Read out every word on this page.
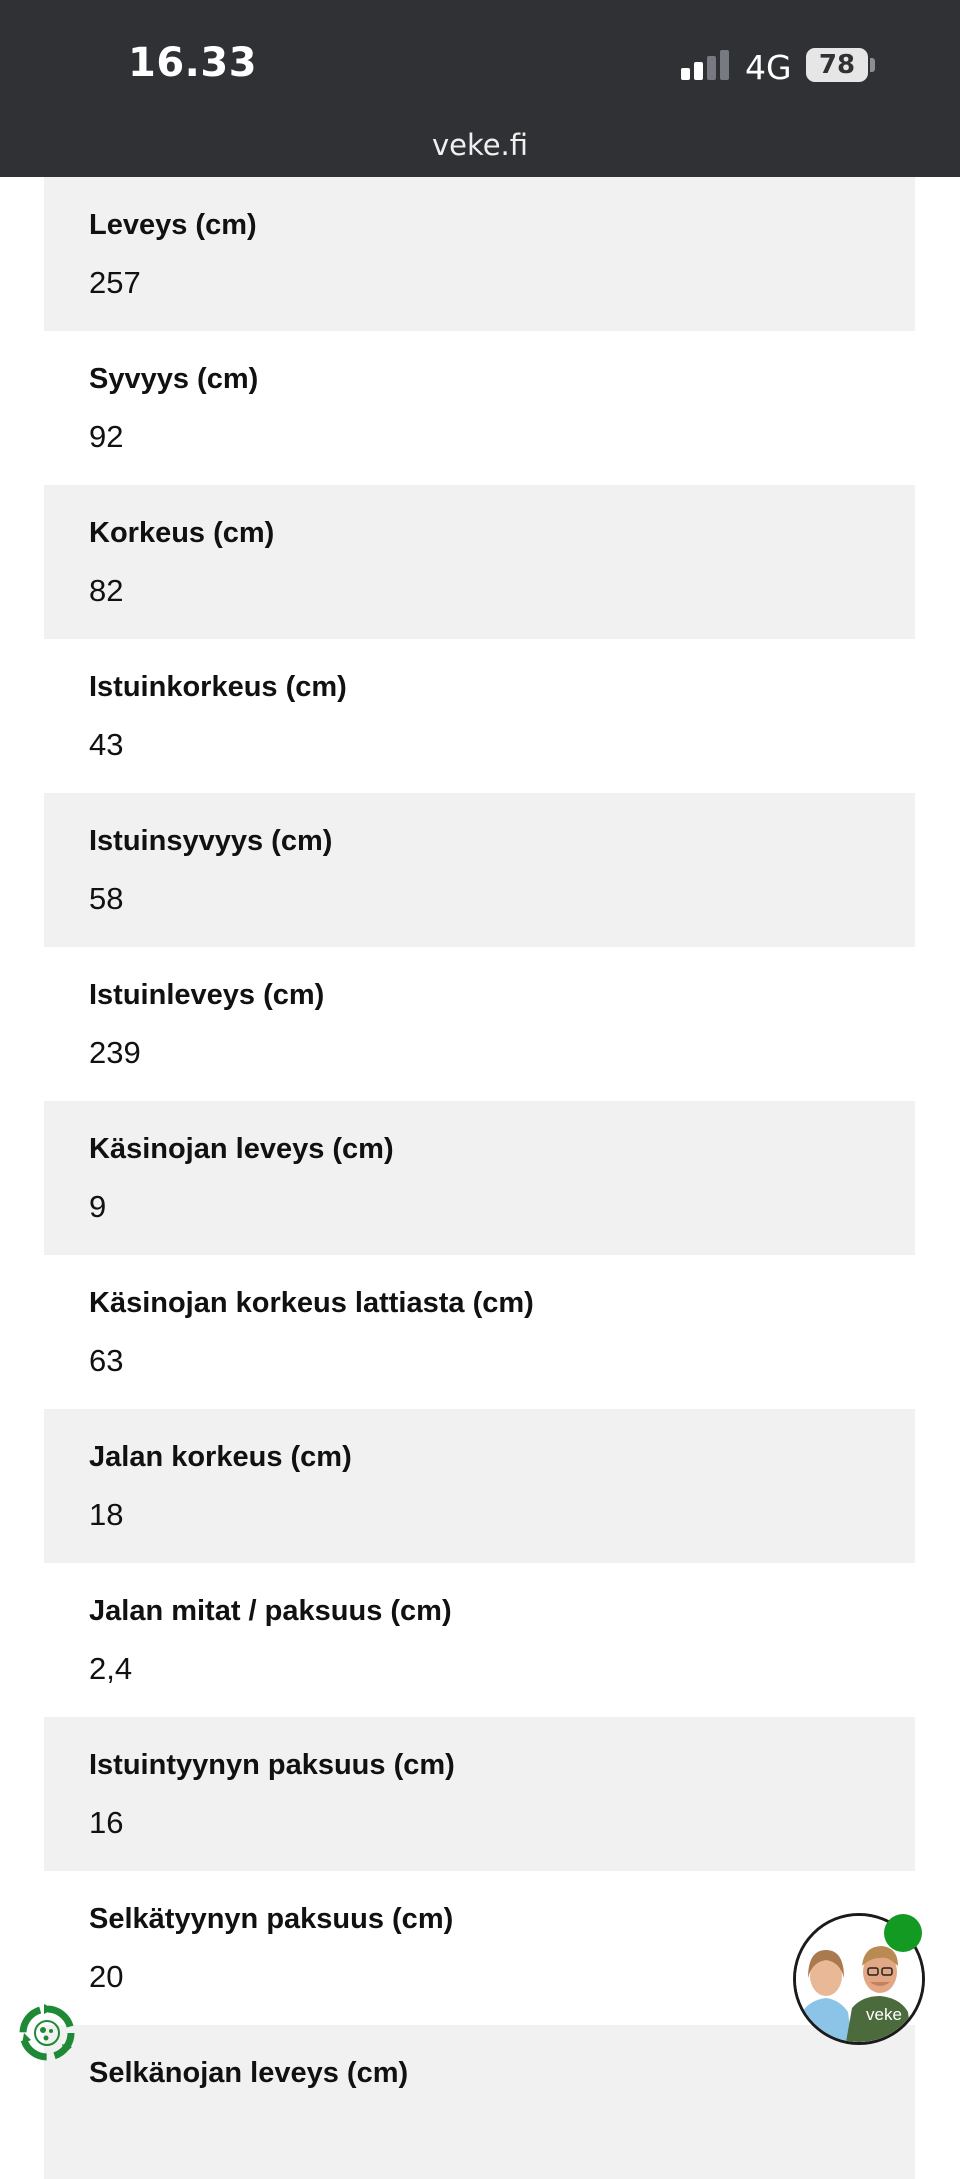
16.33	4G	78
veke.fi
Leveys (cm)
257
Syvyys (cm)
92
Korkeus (cm)
82
Istuinkorkeus (cm)
43
Istuinsyvyys (cm)
58
Istuinleveys (cm)
239
Käsinojan leveys (cm)
9
Käsinojan korkeus lattiasta (cm)
63
Jalan korkeus (cm)
18
Jalan mitat / paksuus (cm)
2,4
Istuintyynyn paksuus (cm)
16
Selkätyynyn paksuus (cm)
20
Selkänojan leveys (cm)
veke
